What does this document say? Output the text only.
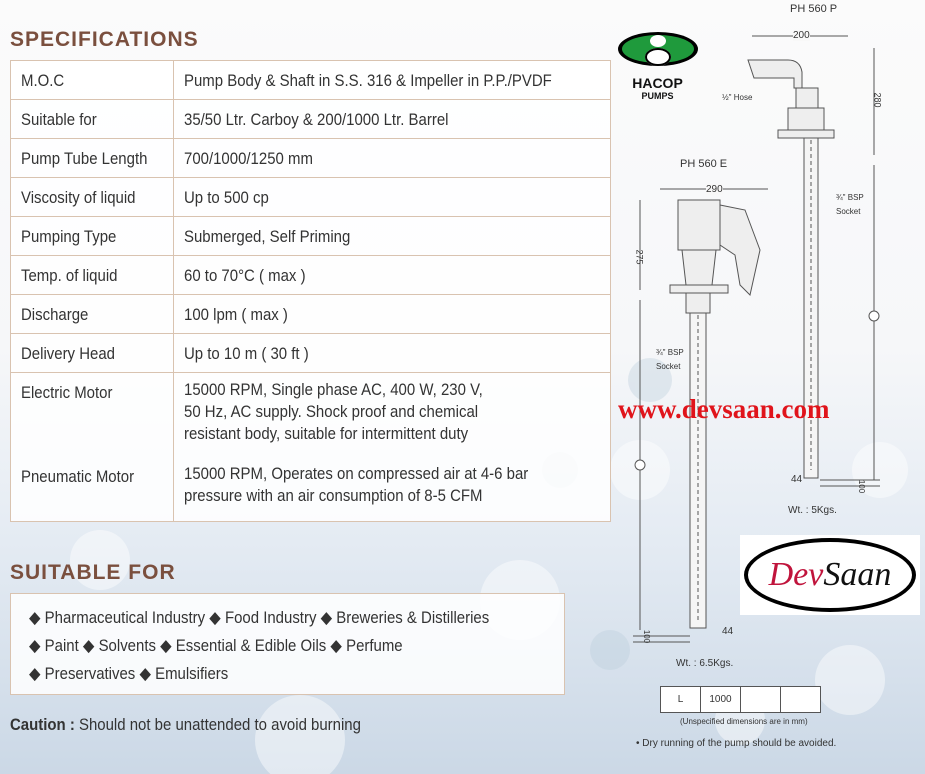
SPECIFICATIONS
M.O.C	Pump Body & Shaft in S.S. 316 & Impeller in P.P./PVDF
Suitable for	35/50 Ltr. Carboy & 200/1000 Ltr. Barrel
Pump Tube Length	700/1000/1250 mm
Viscosity of liquid	Up to 500 cp
Pumping Type	Submerged, Self Priming
Temp. of liquid	60 to 70°C ( max )
Discharge	100 lpm ( max )
Delivery Head	Up to 10 m ( 30 ft )
Electric Motor	15000 RPM, Single phase AC, 400 W, 230 V,
50 Hz, AC supply. Shock proof and chemical
resistant body, suitable for intermittent duty
Pneumatic Motor	15000 RPM, Operates on compressed air at 4-6 bar
pressure with an air consumption of 8-5 CFM
SUITABLE FOR
◆ Pharmaceutical Industry ◆ Food Industry ◆ Breweries & Distilleries
◆ Paint ◆ Solvents ◆ Essential & Edible Oils ◆ Perfume
◆ Preservatives ◆ Emulsifiers
Caution : Should not be unattended to avoid burning
HACOP
PUMPS
PH 560 P
200
½" Hose	280
¾" BSP
Socket
44
100
Wt. : 5Kgs.
PH 560 E
290
275
¾" BSP
Socket
44
100
Wt. : 6.5Kgs.
L	1000		
(Unspecified dimensions are in mm)
• Dry running of the pump should be avoided.
www.devsaan.com
DevSaan
